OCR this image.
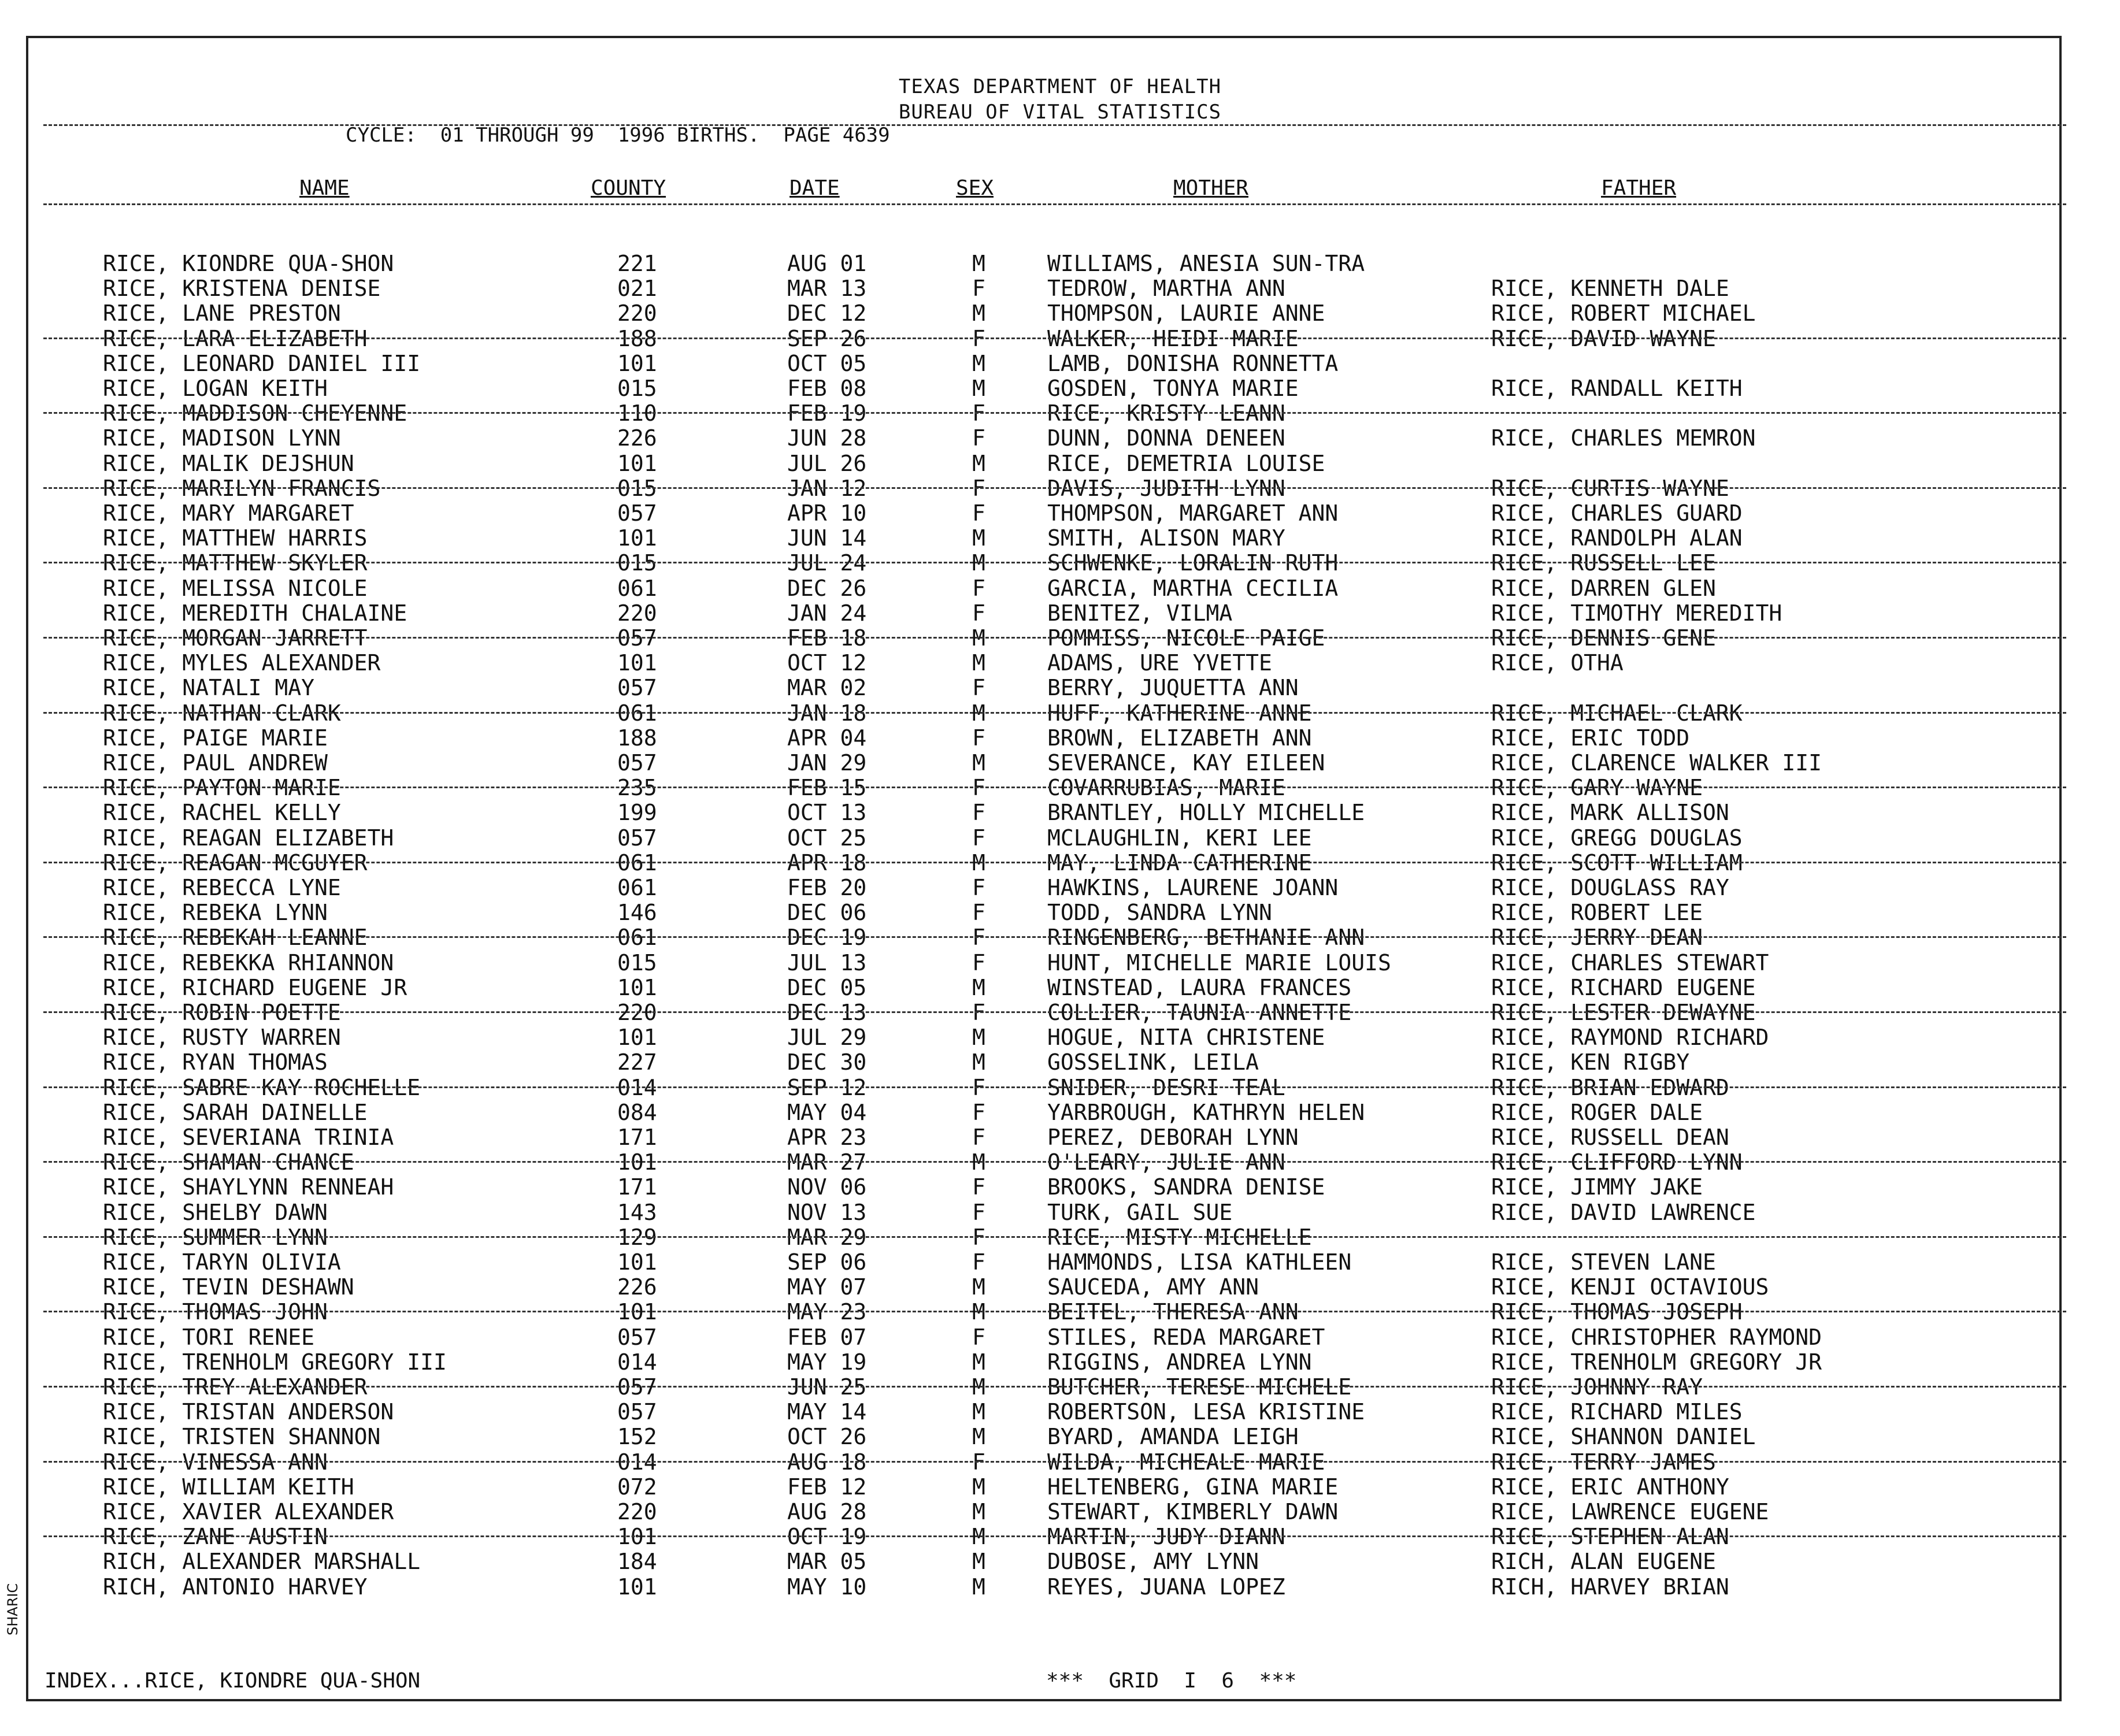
TEXAS DEPARTMENT OF HEALTH
BUREAU OF VITAL STATISTICS
CYCLE:  01 THROUGH 99  1996 BIRTHS.  PAGE 4639
NAME	COUNTY	DATE	SEX	MOTHER	FATHER
RICE, KIONDRE QUA-SHON	221	AUG 01	M	WILLIAMS, ANESIA SUN-TRA
RICE, KRISTENA DENISE	021	MAR 13	F	TEDROW, MARTHA ANN	RICE, KENNETH DALE
RICE, LANE PRESTON	220	DEC 12	M	THOMPSON, LAURIE ANNE	RICE, ROBERT MICHAEL
RICE, LARA ELIZABETH	188	SEP 26	F	WALKER, HEIDI MARIE	RICE, DAVID WAYNE
RICE, LEONARD DANIEL III	101	OCT 05	M	LAMB, DONISHA RONNETTA
RICE, LOGAN KEITH	015	FEB 08	M	GOSDEN, TONYA MARIE	RICE, RANDALL KEITH
RICE, MADDISON CHEYENNE	110	FEB 19	F	RICE, KRISTY LEANN
RICE, MADISON LYNN	226	JUN 28	F	DUNN, DONNA DENEEN	RICE, CHARLES MEMRON
RICE, MALIK DEJSHUN	101	JUL 26	M	RICE, DEMETRIA LOUISE
RICE, MARILYN FRANCIS	015	JAN 12	F	DAVIS, JUDITH LYNN	RICE, CURTIS WAYNE
RICE, MARY MARGARET	057	APR 10	F	THOMPSON, MARGARET ANN	RICE, CHARLES GUARD
RICE, MATTHEW HARRIS	101	JUN 14	M	SMITH, ALISON MARY	RICE, RANDOLPH ALAN
RICE, MATTHEW SKYLER	015	JUL 24	M	SCHWENKE, LORALIN RUTH	RICE, RUSSELL LEE
RICE, MELISSA NICOLE	061	DEC 26	F	GARCIA, MARTHA CECILIA	RICE, DARREN GLEN
RICE, MEREDITH CHALAINE	220	JAN 24	F	BENITEZ, VILMA	RICE, TIMOTHY MEREDITH
RICE, MORGAN JARRETT	057	FEB 18	M	POMMISS, NICOLE PAIGE	RICE, DENNIS GENE
RICE, MYLES ALEXANDER	101	OCT 12	M	ADAMS, URE YVETTE	RICE, OTHA
RICE, NATALI MAY	057	MAR 02	F	BERRY, JUQUETTA ANN
RICE, NATHAN CLARK	061	JAN 18	M	HUFF, KATHERINE ANNE	RICE, MICHAEL CLARK
RICE, PAIGE MARIE	188	APR 04	F	BROWN, ELIZABETH ANN	RICE, ERIC TODD
RICE, PAUL ANDREW	057	JAN 29	M	SEVERANCE, KAY EILEEN	RICE, CLARENCE WALKER III
RICE, PAYTON MARIE	235	FEB 15	F	COVARRUBIAS, MARIE	RICE, GARY WAYNE
RICE, RACHEL KELLY	199	OCT 13	F	BRANTLEY, HOLLY MICHELLE	RICE, MARK ALLISON
RICE, REAGAN ELIZABETH	057	OCT 25	F	MCLAUGHLIN, KERI LEE	RICE, GREGG DOUGLAS
RICE, REAGAN MCGUYER	061	APR 18	M	MAY, LINDA CATHERINE	RICE, SCOTT WILLIAM
RICE, REBECCA LYNE	061	FEB 20	F	HAWKINS, LAURENE JOANN	RICE, DOUGLASS RAY
RICE, REBEKA LYNN	146	DEC 06	F	TODD, SANDRA LYNN	RICE, ROBERT LEE
RICE, REBEKAH LEANNE	061	DEC 19	F	RINGENBERG, BETHANIE ANN	RICE, JERRY DEAN
RICE, REBEKKA RHIANNON	015	JUL 13	F	HUNT, MICHELLE MARIE LOUIS	RICE, CHARLES STEWART
RICE, RICHARD EUGENE JR	101	DEC 05	M	WINSTEAD, LAURA FRANCES	RICE, RICHARD EUGENE
RICE, ROBIN POETTE	220	DEC 13	F	COLLIER, TAUNIA ANNETTE	RICE, LESTER DEWAYNE
RICE, RUSTY WARREN	101	JUL 29	M	HOGUE, NITA CHRISTENE	RICE, RAYMOND RICHARD
RICE, RYAN THOMAS	227	DEC 30	M	GOSSELINK, LEILA	RICE, KEN RIGBY
RICE, SABRE KAY ROCHELLE	014	SEP 12	F	SNIDER, DESRI TEAL	RICE, BRIAN EDWARD
RICE, SARAH DAINELLE	084	MAY 04	F	YARBROUGH, KATHRYN HELEN	RICE, ROGER DALE
RICE, SEVERIANA TRINIA	171	APR 23	F	PEREZ, DEBORAH LYNN	RICE, RUSSELL DEAN
RICE, SHAMAN CHANCE	101	MAR 27	M	O'LEARY, JULIE ANN	RICE, CLIFFORD LYNN
RICE, SHAYLYNN RENNEAH	171	NOV 06	F	BROOKS, SANDRA DENISE	RICE, JIMMY JAKE
RICE, SHELBY DAWN	143	NOV 13	F	TURK, GAIL SUE	RICE, DAVID LAWRENCE
RICE, SUMMER LYNN	129	MAR 29	F	RICE, MISTY MICHELLE
RICE, TARYN OLIVIA	101	SEP 06	F	HAMMONDS, LISA KATHLEEN	RICE, STEVEN LANE
RICE, TEVIN DESHAWN	226	MAY 07	M	SAUCEDA, AMY ANN	RICE, KENJI OCTAVIOUS
RICE, THOMAS JOHN	101	MAY 23	M	BEITEL, THERESA ANN	RICE, THOMAS JOSEPH
RICE, TORI RENEE	057	FEB 07	F	STILES, REDA MARGARET	RICE, CHRISTOPHER RAYMOND
RICE, TRENHOLM GREGORY III	014	MAY 19	M	RIGGINS, ANDREA LYNN	RICE, TRENHOLM GREGORY JR
RICE, TREY ALEXANDER	057	JUN 25	M	BUTCHER, TERESE MICHELE	RICE, JOHNNY RAY
RICE, TRISTAN ANDERSON	057	MAY 14	M	ROBERTSON, LESA KRISTINE	RICE, RICHARD MILES
RICE, TRISTEN SHANNON	152	OCT 26	M	BYARD, AMANDA LEIGH	RICE, SHANNON DANIEL
RICE, VINESSA ANN	014	AUG 18	F	WILDA, MICHEALE MARIE	RICE, TERRY JAMES
RICE, WILLIAM KEITH	072	FEB 12	M	HELTENBERG, GINA MARIE	RICE, ERIC ANTHONY
RICE, XAVIER ALEXANDER	220	AUG 28	M	STEWART, KIMBERLY DAWN	RICE, LAWRENCE EUGENE
RICE, ZANE AUSTIN	101	OCT 19	M	MARTIN, JUDY DIANN	RICE, STEPHEN ALAN
RICH, ALEXANDER MARSHALL	184	MAR 05	M	DUBOSE, AMY LYNN	RICH, ALAN EUGENE
RICH, ANTONIO HARVEY	101	MAY 10	M	REYES, JUANA LOPEZ	RICH, HARVEY BRIAN
INDEX...RICE, KIONDRE QUA-SHON	***  GRID  I  6  ***
SHARIC
